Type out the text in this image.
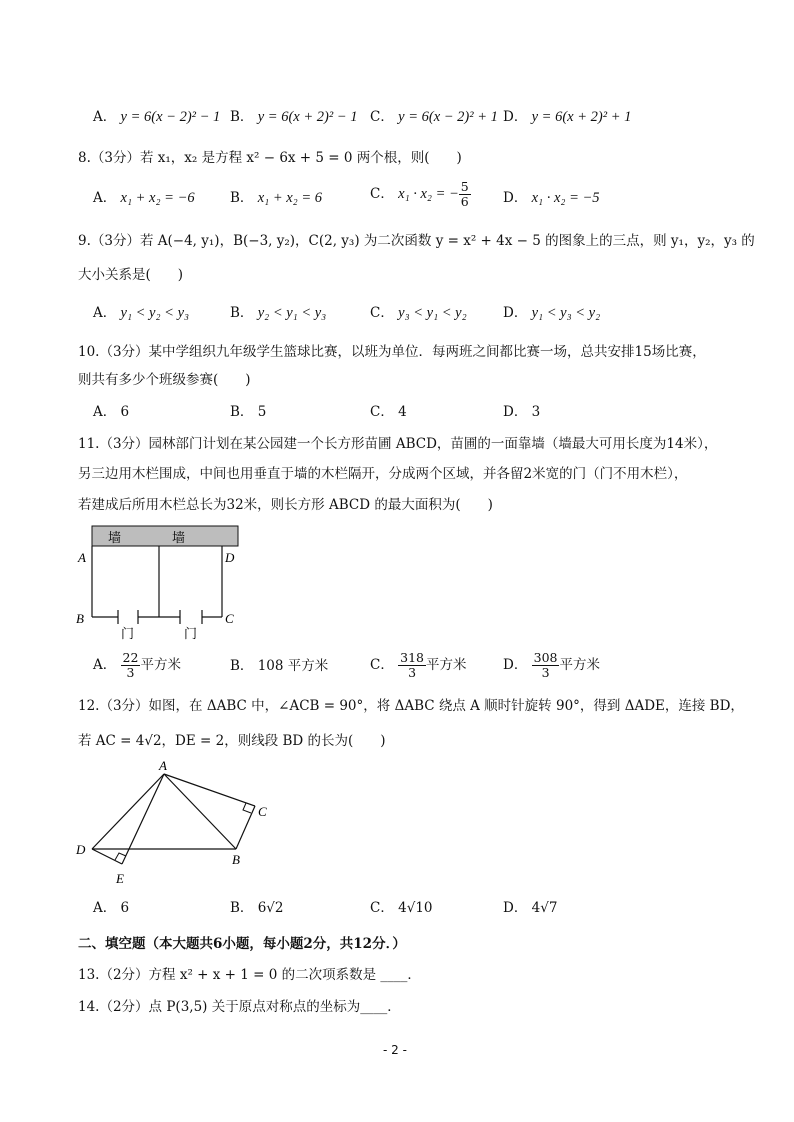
A． y = 6(x − 2)² − 1 B． y = 6(x + 2)² − 1 C． y = 6(x − 2)² + 1 D． y = 6(x + 2)² + 1
8.（3分）若 x₁，x₂ 是方程 x² − 6x + 5 = 0 两个根，则(　　)
A． x₁ + x₂ = −6	B． x₁ + x₂ = 6	C． x₁ · x₂ = − $\frac{5}{6}$ D． x₁ · x₂ = −5
9.（3分）若 A(−4, y₁)，B(−3, y₂)，C(2, y₃) 为二次函数 y = x² + 4x − 5 的图象上的三点，则 y₁，y₂，y₃ 的
大小关系是(　　)
A． y₁ < y₂ < y₃	B． y₂ < y₁ < y₃	C． y₃ < y₁ < y₂	D． y₁ < y₃ < y₂
10.（3分）某中学组织九年级学生篮球比赛，以班为单位．每两班之间都比赛一场，总共安排15场比赛，
则共有多少个班级参赛(　　)
A． 6	B． 5	C． 4	D． 3
11.（3分）园林部门计划在某公园建一个长方形苗圃 ABCD，苗圃的一面靠墙（墙最大可用长度为14米），
另三边用木栏围成，中间也用垂直于墙的木栏隔开，分成两个区域，并各留2米宽的门（门不用木栏），
若建成后所用木栏总长为32米，则长方形 ABCD 的最大面积为(　　)
墙	墙
A	D
B	C
门	门
A． $\frac{22}{3}$ 平方米	B． 108 平方米	C． $\frac{318}{3}$ 平方米	D． $\frac{308}{3}$ 平方米
12.（3分）如图，在 ΔABC 中，∠ACB = 90°，将 ΔABC 绕点 A 顺时针旋转 90°，得到 ΔADE，连接 BD，
若 AC = 4√2，DE = 2，则线段 BD 的长为(　　)
A
C
D
B
E
A． 6	B． 6√2	C． 4√10	D． 4√7
二、填空题（本大题共6小题，每小题2分，共12分．）
13.（2分）方程 x² + x + 1 = 0 的二次项系数是 ____．
14.（2分）点 P(3,5) 关于原点对称点的坐标为____．
- 2 -
